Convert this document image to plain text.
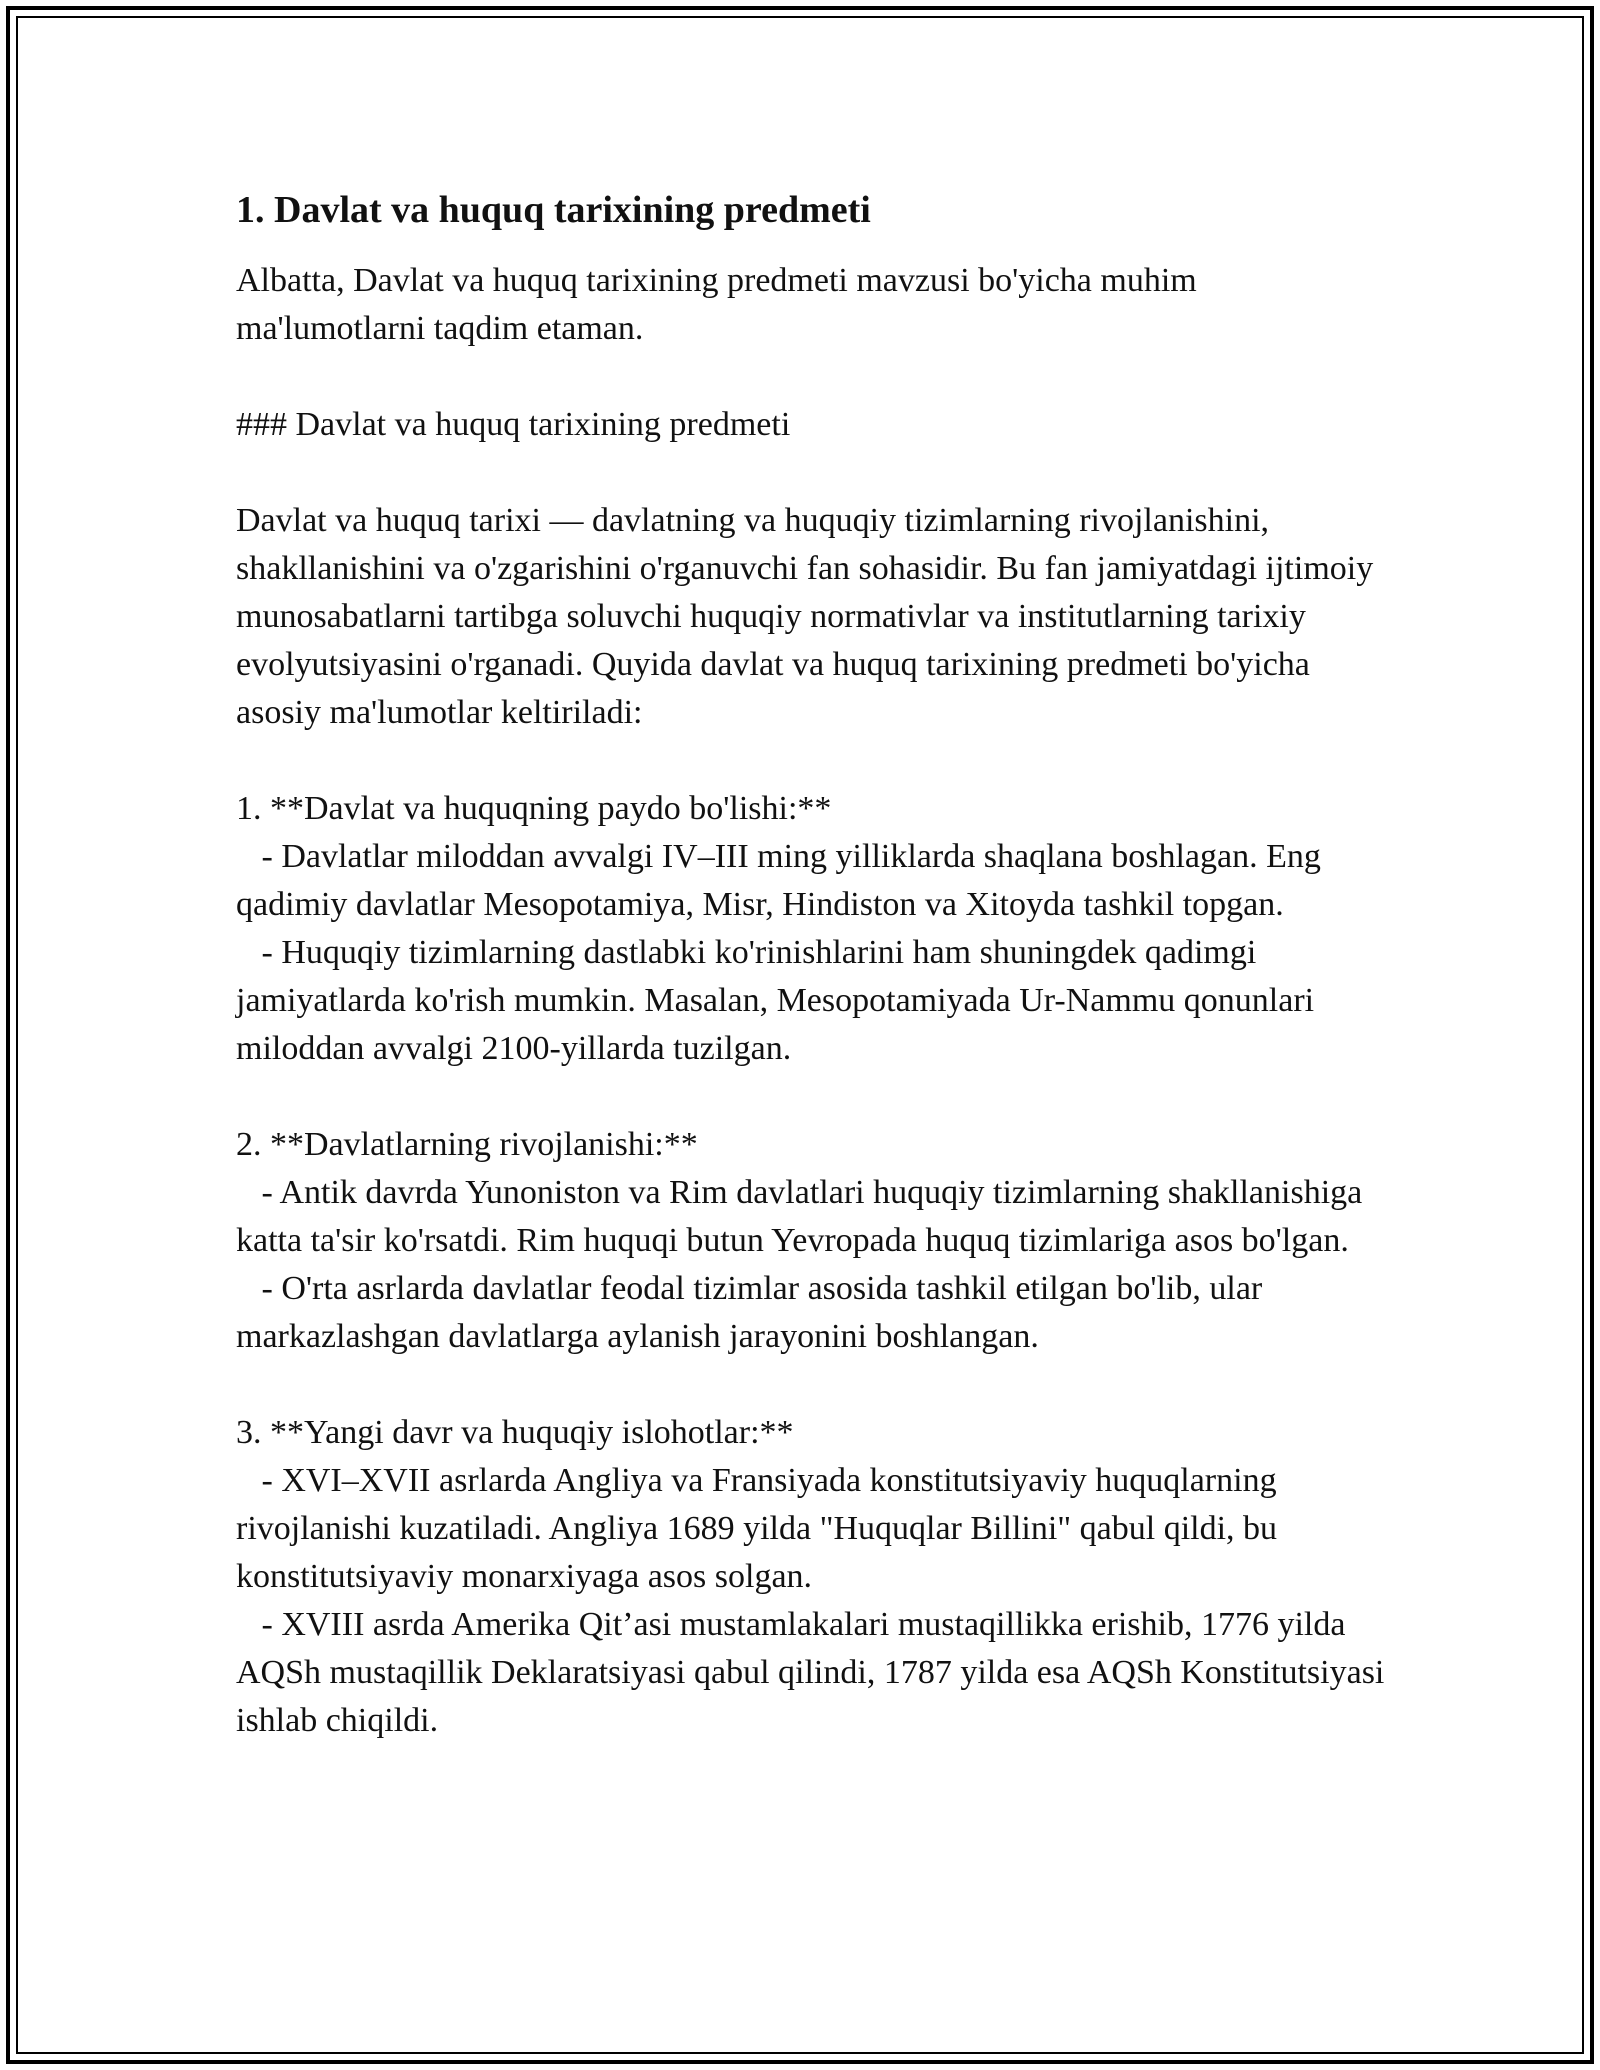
1. Davlat va huquq tarixining predmeti

Albatta, Davlat va huquq tarixining predmeti mavzusi bo'yicha muhim ma'lumotlarni taqdim etaman.

### Davlat va huquq tarixining predmeti

Davlat va huquq tarixi — davlatning va huquqiy tizimlarning rivojlanishini, shakllanishini va o'zgarishini o'rganuvchi fan sohasidir. Bu fan jamiyatdagi ijtimoiy munosabatlarni tartibga soluvchi huquqiy normativlar va institutlarning tarixiy evolyutsiyasini o'rganadi. Quyida davlat va huquq tarixining predmeti bo'yicha asosiy ma'lumotlar keltiriladi:

1. **Davlat va huquqning paydo bo'lishi:**

- Davlatlar miloddan avvalgi IV–III ming yilliklarda shaqlana boshlagan. Eng qadimiy davlatlar Mesopotamiya, Misr, Hindiston va Xitoyda tashkil topgan.

- Huquqiy tizimlarning dastlabki ko'rinishlarini ham shuningdek qadimgi jamiyatlarda ko'rish mumkin. Masalan, Mesopotamiyada Ur-Nammu qonunlari miloddan avvalgi 2100-yillarda tuzilgan.

2. **Davlatlarning rivojlanishi:**

- Antik davrda Yunoniston va Rim davlatlari huquqiy tizimlarning shakllanishiga katta ta'sir ko'rsatdi. Rim huquqi butun Yevropada huquq tizimlariga asos bo'lgan.

- O'rta asrlarda davlatlar feodal tizimlar asosida tashkil etilgan bo'lib, ular markazlashgan davlatlarga aylanish jarayonini boshlangan.

3. **Yangi davr va huquqiy islohotlar:**

- XVI–XVII asrlarda Angliya va Fransiyada konstitutsiyaviy huquqlarning rivojlanishi kuzatiladi. Angliya 1689 yilda "Huquqlar Billini" qabul qildi, bu konstitutsiyaviy monarxiyaga asos solgan.

- XVIII asrda Amerika Qit’asi mustamlakalari mustaqillikka erishib, 1776 yilda AQSh mustaqillik Deklaratsiyasi qabul qilindi, 1787 yilda esa AQSh Konstitutsiyasi ishlab chiqildi.
